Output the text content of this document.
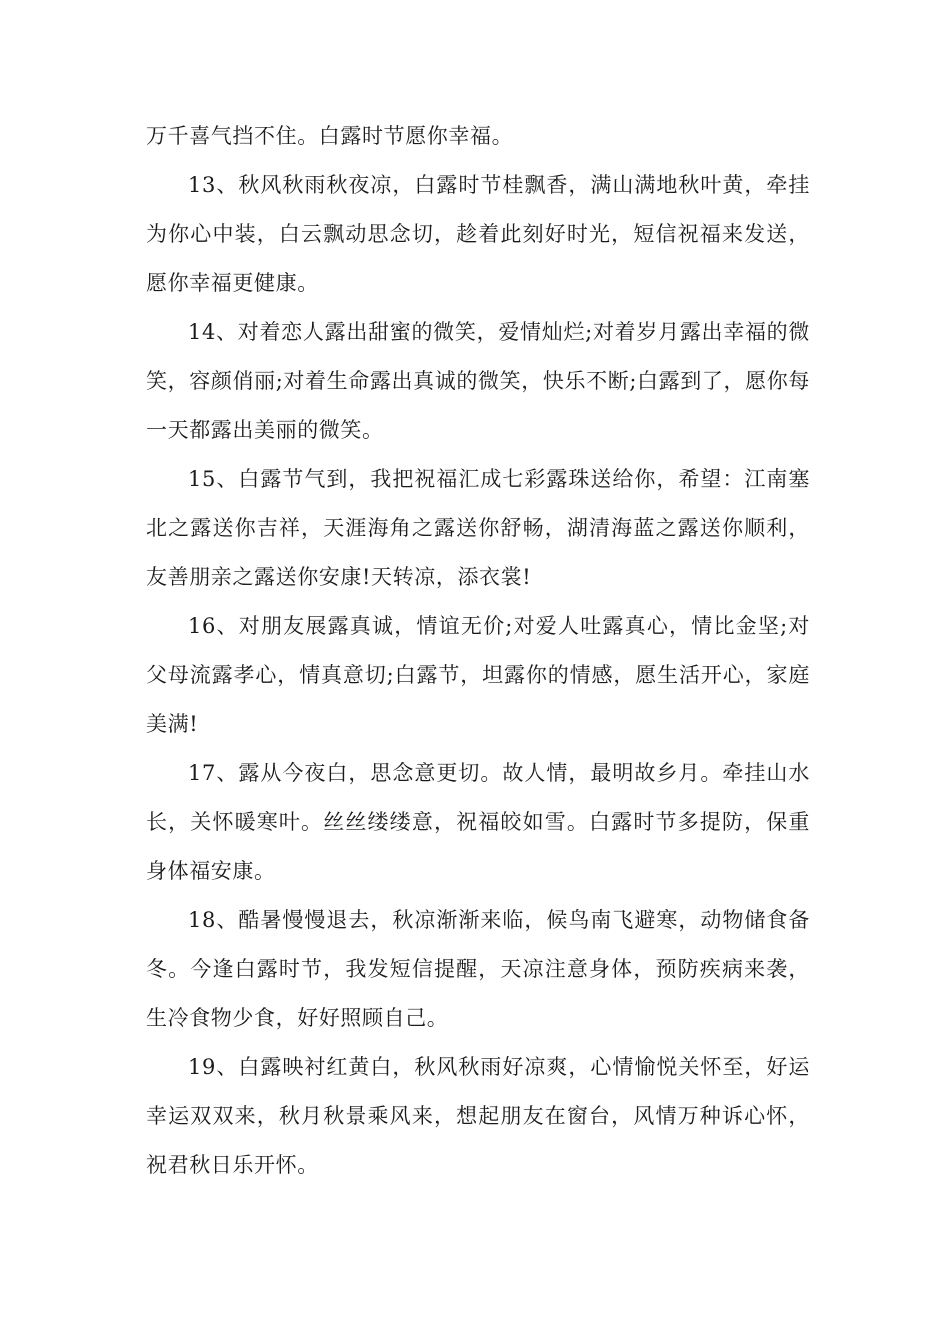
万千喜气挡不住。白露时节愿你幸福。

13、秋风秋雨秋夜凉，白露时节桂飘香，满山满地秋叶黄，牵挂为你心中装，白云飘动思念切，趁着此刻好时光，短信祝福来发送，愿你幸福更健康。

14、对着恋人露出甜蜜的微笑，爱情灿烂;对着岁月露出幸福的微笑，容颜俏丽;对着生命露出真诚的微笑，快乐不断;白露到了，愿你每一天都露出美丽的微笑。

15、白露节气到，我把祝福汇成七彩露珠送给你，希望：江南塞北之露送你吉祥，天涯海角之露送你舒畅，湖清海蓝之露送你顺利，友善朋亲之露送你安康!天转凉，添衣裳!

16、对朋友展露真诚，情谊无价;对爱人吐露真心，情比金坚;对父母流露孝心，情真意切;白露节，坦露你的情感，愿生活开心，家庭美满!

17、露从今夜白，思念意更切。故人情，最明故乡月。牵挂山水长，关怀暖寒叶。丝丝缕缕意，祝福皎如雪。白露时节多提防，保重身体福安康。

18、酷暑慢慢退去，秋凉渐渐来临，候鸟南飞避寒，动物储食备冬。今逢白露时节，我发短信提醒，天凉注意身体，预防疾病来袭，生冷食物少食，好好照顾自己。

19、白露映衬红黄白，秋风秋雨好凉爽，心情愉悦关怀至，好运幸运双双来，秋月秋景乘风来，想起朋友在窗台，风情万种诉心怀，祝君秋日乐开怀。
